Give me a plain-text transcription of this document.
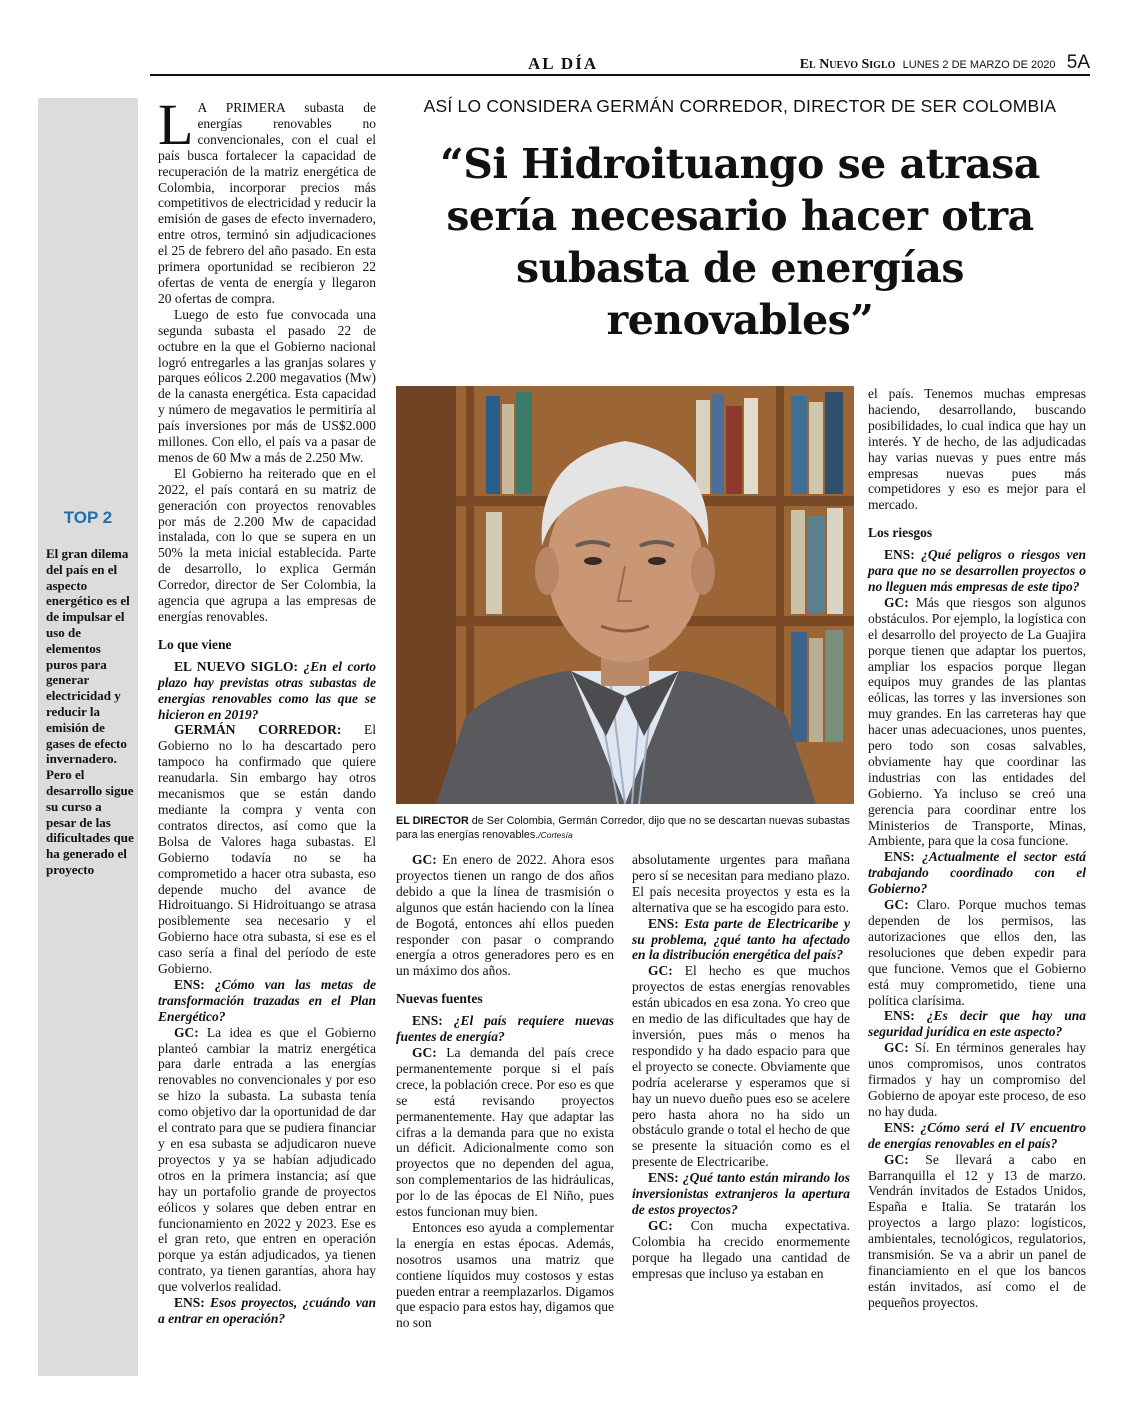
AL DÍA	El Nuevo Siglo LUNES 2 DE MARZO DE 2020 5A
TOP 2
El gran dilema del país en el aspecto energético es el de impulsar el uso de elementos puros para generar electricidad y reducir la emisión de gases de efecto invernadero. Pero el desarrollo sigue su curso a pesar de las dificultades que ha generado el proyecto
ASÍ LO CONSIDERA GERMÁN CORREDOR, DIRECTOR DE SER COLOMBIA
“Si Hidroituango se atrasa sería necesario hacer otra subasta de energías renovables”

L A PRIMERA subasta de energías renovables no convencionales, con el cual el país busca fortalecer la capacidad de recuperación de la matriz energética de Colombia, incorporar precios más competitivos de electricidad y reducir la emisión de gases de efecto invernadero, entre otros, terminó sin adjudicaciones el 25 de febrero del año pasado. En esta primera oportunidad se recibieron 22 ofertas de venta de energía y llegaron 20 ofertas de compra.

Luego de esto fue convocada una segunda subasta el pasado 22 de octubre en la que el Gobierno nacional logró entregarles a las granjas solares y parques eólicos 2.200 megavatios (Mw) de la canasta energética. Esta capacidad y número de megavatios le permitiría al país inversiones por más de US$2.000 millones. Con ello, el país va a pasar de menos de 60 Mw a más de 2.250 Mw.

El Gobierno ha reiterado que en el 2022, el país contará en su matriz de generación con proyectos renovables por más de 2.200 Mw de capacidad instalada, con lo que se supera en un 50% la meta inicial establecida. Parte de desarrollo, lo explica Germán Corredor, director de Ser Colombia, la agencia que agrupa a las empresas de energías renovables.

Lo que viene

EL NUEVO SIGLO: ¿En el corto plazo hay previstas otras subastas de energías renovables como las que se hicieron en 2019?

GERMÁN CORREDOR: El Gobierno no lo ha descartado pero tampoco ha confirmado que quiere reanudarla. Sin embargo hay otros mecanismos que se están dando mediante la compra y venta con contratos directos, así como que la Bolsa de Valores haga subastas. El Gobierno todavía no se ha comprometido a hacer otra subasta, eso depende mucho del avance de Hidroituango. Si Hidroituango se atrasa posiblemente sea necesario y el Gobierno hace otra subasta, si ese es el caso sería a final del período de este Gobierno.

ENS: ¿Cómo van las metas de transformación trazadas en el Plan Energético?

GC: La idea es que el Gobierno planteó cambiar la matriz energética para darle entrada a las energías renovables no convencionales y por eso se hizo la subasta. La subasta tenía como objetivo dar la oportunidad de dar el contrato para que se pudiera financiar y en esa subasta se adjudicaron nueve proyectos y ya se habían adjudicado otros en la primera instancia; así que hay un portafolio grande de proyectos eólicos y solares que deben entrar en funcionamiento en 2022 y 2023. Ese es el gran reto, que entren en operación porque ya están adjudicados, ya tienen contrato, ya tienen garantías, ahora hay que volverlos realidad.

ENS: Esos proyectos, ¿cuándo van a entrar en operación?

EL DIRECTOR de Ser Colombia, Germán Corredor, dijo que no se descartan nuevas subastas para las energías renovables./Cortesía

GC: En enero de 2022. Ahora esos proyectos tienen un rango de dos años debido a que la línea de trasmisión o algunos que están haciendo con la línea de Bogotá, entonces ahí ellos pueden responder con pasar o comprando energía a otros generadores pero es en un máximo dos años.

Nuevas fuentes

ENS: ¿El país requiere nuevas fuentes de energía?

GC: La demanda del país crece permanentemente porque si el país crece, la población crece. Por eso es que se está revisando proyectos permanentemente. Hay que adaptar las cifras a la demanda para que no exista un déficit. Adicionalmente como son proyectos que no dependen del agua, son complementarios de las hidráulicas, por lo de las épocas de El Niño, pues estos funcionan muy bien.

Entonces eso ayuda a complementar la energía en estas épocas. Además, nosotros usamos una matriz que contiene líquidos muy costosos y estas pueden entrar a reemplazarlos. Digamos que espacio para estos hay, digamos que no son

absolutamente urgentes para mañana pero sí se necesitan para mediano plazo. El país necesita proyectos y esta es la alternativa que se ha escogido para esto.

ENS: Esta parte de Electricaribe y su problema, ¿qué tanto ha afectado en la distribución energética del país?

GC: El hecho es que muchos proyectos de estas energías renovables están ubicados en esa zona. Yo creo que en medio de las dificultades que hay de inversión, pues más o menos ha respondido y ha dado espacio para que el proyecto se conecte. Obviamente que podría acelerarse y esperamos que si hay un nuevo dueño pues eso se acelere pero hasta ahora no ha sido un obstáculo grande o total el hecho de que se presente la situación como es el presente de Electricaribe.

ENS: ¿Qué tanto están mirando los inversionistas extranjeros la apertura de estos proyectos?

GC: Con mucha expectativa. Colombia ha crecido enormemente porque ha llegado una cantidad de empresas que incluso ya estaban en

el país. Tenemos muchas empresas haciendo, desarrollando, buscando posibilidades, lo cual indica que hay un interés. Y de hecho, de las adjudicadas hay varias nuevas y pues entre más empresas nuevas pues más competidores y eso es mejor para el mercado.

Los riesgos

ENS: ¿Qué peligros o riesgos ven para que no se desarrollen proyectos o no lleguen más empresas de este tipo?

GC: Más que riesgos son algunos obstáculos. Por ejemplo, la logística con el desarrollo del proyecto de La Guajira porque tienen que adaptar los puertos, ampliar los espacios porque llegan equipos muy grandes de las plantas eólicas, las torres y las inversiones son muy grandes. En las carreteras hay que hacer unas adecuaciones, unos puentes, pero todo son cosas salvables, obviamente hay que coordinar las industrias con las entidades del Gobierno. Ya incluso se creó una gerencia para coordinar entre los Ministerios de Transporte, Minas, Ambiente, para que la cosa funcione.

ENS: ¿Actualmente el sector está trabajando coordinado con el Gobierno?

GC: Claro. Porque muchos temas dependen de los permisos, las autorizaciones que ellos den, las resoluciones que deben expedir para que funcione. Vemos que el Gobierno está muy comprometido, tiene una política clarísima.

ENS: ¿Es decir que hay una seguridad jurídica en este aspecto?

GC: Sí. En términos generales hay unos compromisos, unos contratos firmados y hay un compromiso del Gobierno de apoyar este proceso, de eso no hay duda.

ENS: ¿Cómo será el IV encuentro de energías renovables en el país?

GC: Se llevará a cabo en Barranquilla el 12 y 13 de marzo. Vendrán invitados de Estados Unidos, España e Italia. Se tratarán los proyectos a largo plazo: logísticos, ambientales, tecnológicos, regulatorios, transmisión. Se va a abrir un panel de financiamiento en el que los bancos están invitados, así como el de pequeños proyectos.
